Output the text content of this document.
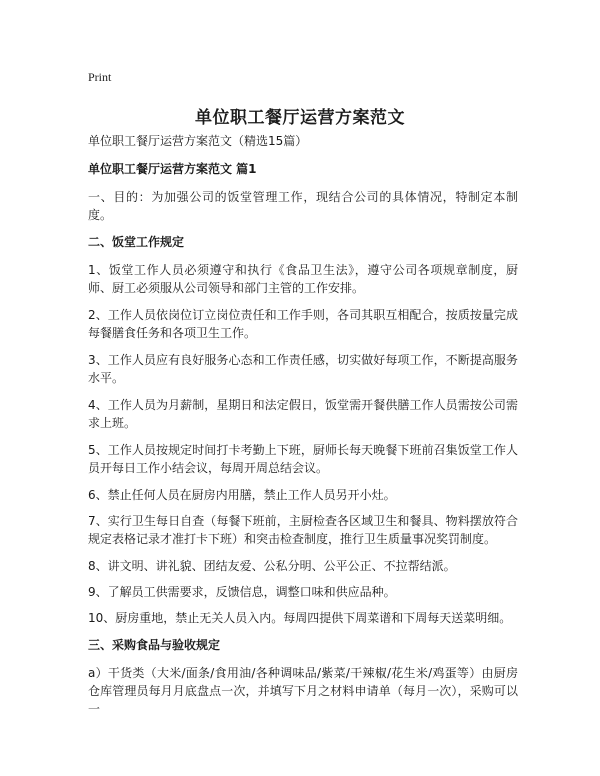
Print
单位职工餐厅运营方案范文

单位职工餐厅运营方案范文（精选15篇）

单位职工餐厅运营方案范文 篇1

一、目的：为加强公司的饭堂管理工作，现结合公司的具体情况，特制定本制度。

二、饭堂工作规定

1、饭堂工作人员必须遵守和执行《食品卫生法》，遵守公司各项规章制度，厨师、厨工必须服从公司领导和部门主管的工作安排。

2、工作人员依岗位订立岗位责任和工作手则，各司其职互相配合，按质按量完成每餐膳食任务和各项卫生工作。

3、工作人员应有良好服务心态和工作责任感，切实做好每项工作，不断提高服务水平。

4、工作人员为月薪制，星期日和法定假日，饭堂需开餐供膳工作人员需按公司需求上班。

5、工作人员按规定时间打卡考勤上下班，厨师长每天晚餐下班前召集饭堂工作人员开每日工作小结会议，每周开周总结会议。

6、禁止任何人员在厨房内用膳，禁止工作人员另开小灶。

7、实行卫生每日自查（每餐下班前，主厨检查各区域卫生和餐具、物料摆放符合规定表格记录才准打卡下班）和突击检查制度，推行卫生质量事况奖罚制度。

8、讲文明、讲礼貌、团结友爱、公私分明、公平公正、不拉帮结派。

9、了解员工供需要求，反馈信息，调整口味和供应品种。

10、厨房重地，禁止无关人员入内。每周四提供下周菜谱和下周每天送菜明细。

三、采购食品与验收规定

a）干货类（大米/面条/食用油/各种调味品/紫菜/干辣椒/花生米/鸡蛋等）由厨房仓库管理员每月月底盘点一次，并填写下月之材料申请单（每月一次），采购可以一
